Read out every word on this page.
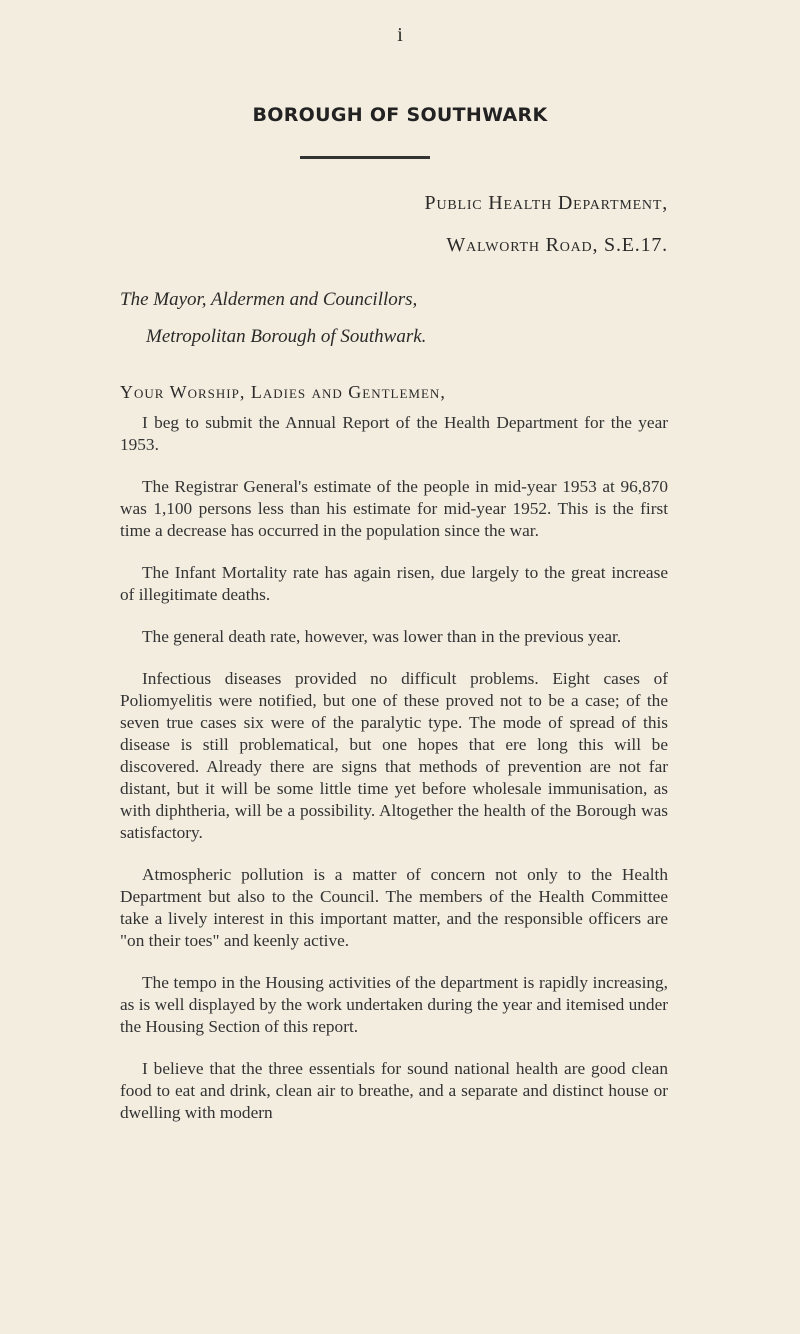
i
BOROUGH OF SOUTHWARK
Public Health Department,
Walworth Road, S.E.17.
The Mayor, Aldermen and Councillors,
Metropolitan Borough of Southwark.
Your Worship, Ladies and Gentlemen,

I beg to submit the Annual Report of the Health Department for the year 1953.

The Registrar General's estimate of the people in mid-year 1953 at 96,870 was 1,100 persons less than his estimate for mid-year 1952. This is the first time a decrease has occurred in the population since the war.

The Infant Mortality rate has again risen, due largely to the great increase of illegitimate deaths.

The general death rate, however, was lower than in the previous year.

Infectious diseases provided no difficult problems. Eight cases of Poliomyelitis were notified, but one of these proved not to be a case; of the seven true cases six were of the paralytic type. The mode of spread of this disease is still problematical, but one hopes that ere long this will be discovered. Already there are signs that methods of prevention are not far distant, but it will be some little time yet before wholesale immunisation, as with diphtheria, will be a possibility. Altogether the health of the Borough was satisfactory.

Atmospheric pollution is a matter of concern not only to the Health Department but also to the Council. The members of the Health Committee take a lively interest in this important matter, and the responsible officers are "on their toes" and keenly active.

The tempo in the Housing activities of the department is rapidly increasing, as is well displayed by the work undertaken during the year and itemised under the Housing Section of this report.

I believe that the three essentials for sound national health are good clean food to eat and drink, clean air to breathe, and a separate and distinct house or dwelling with modern
